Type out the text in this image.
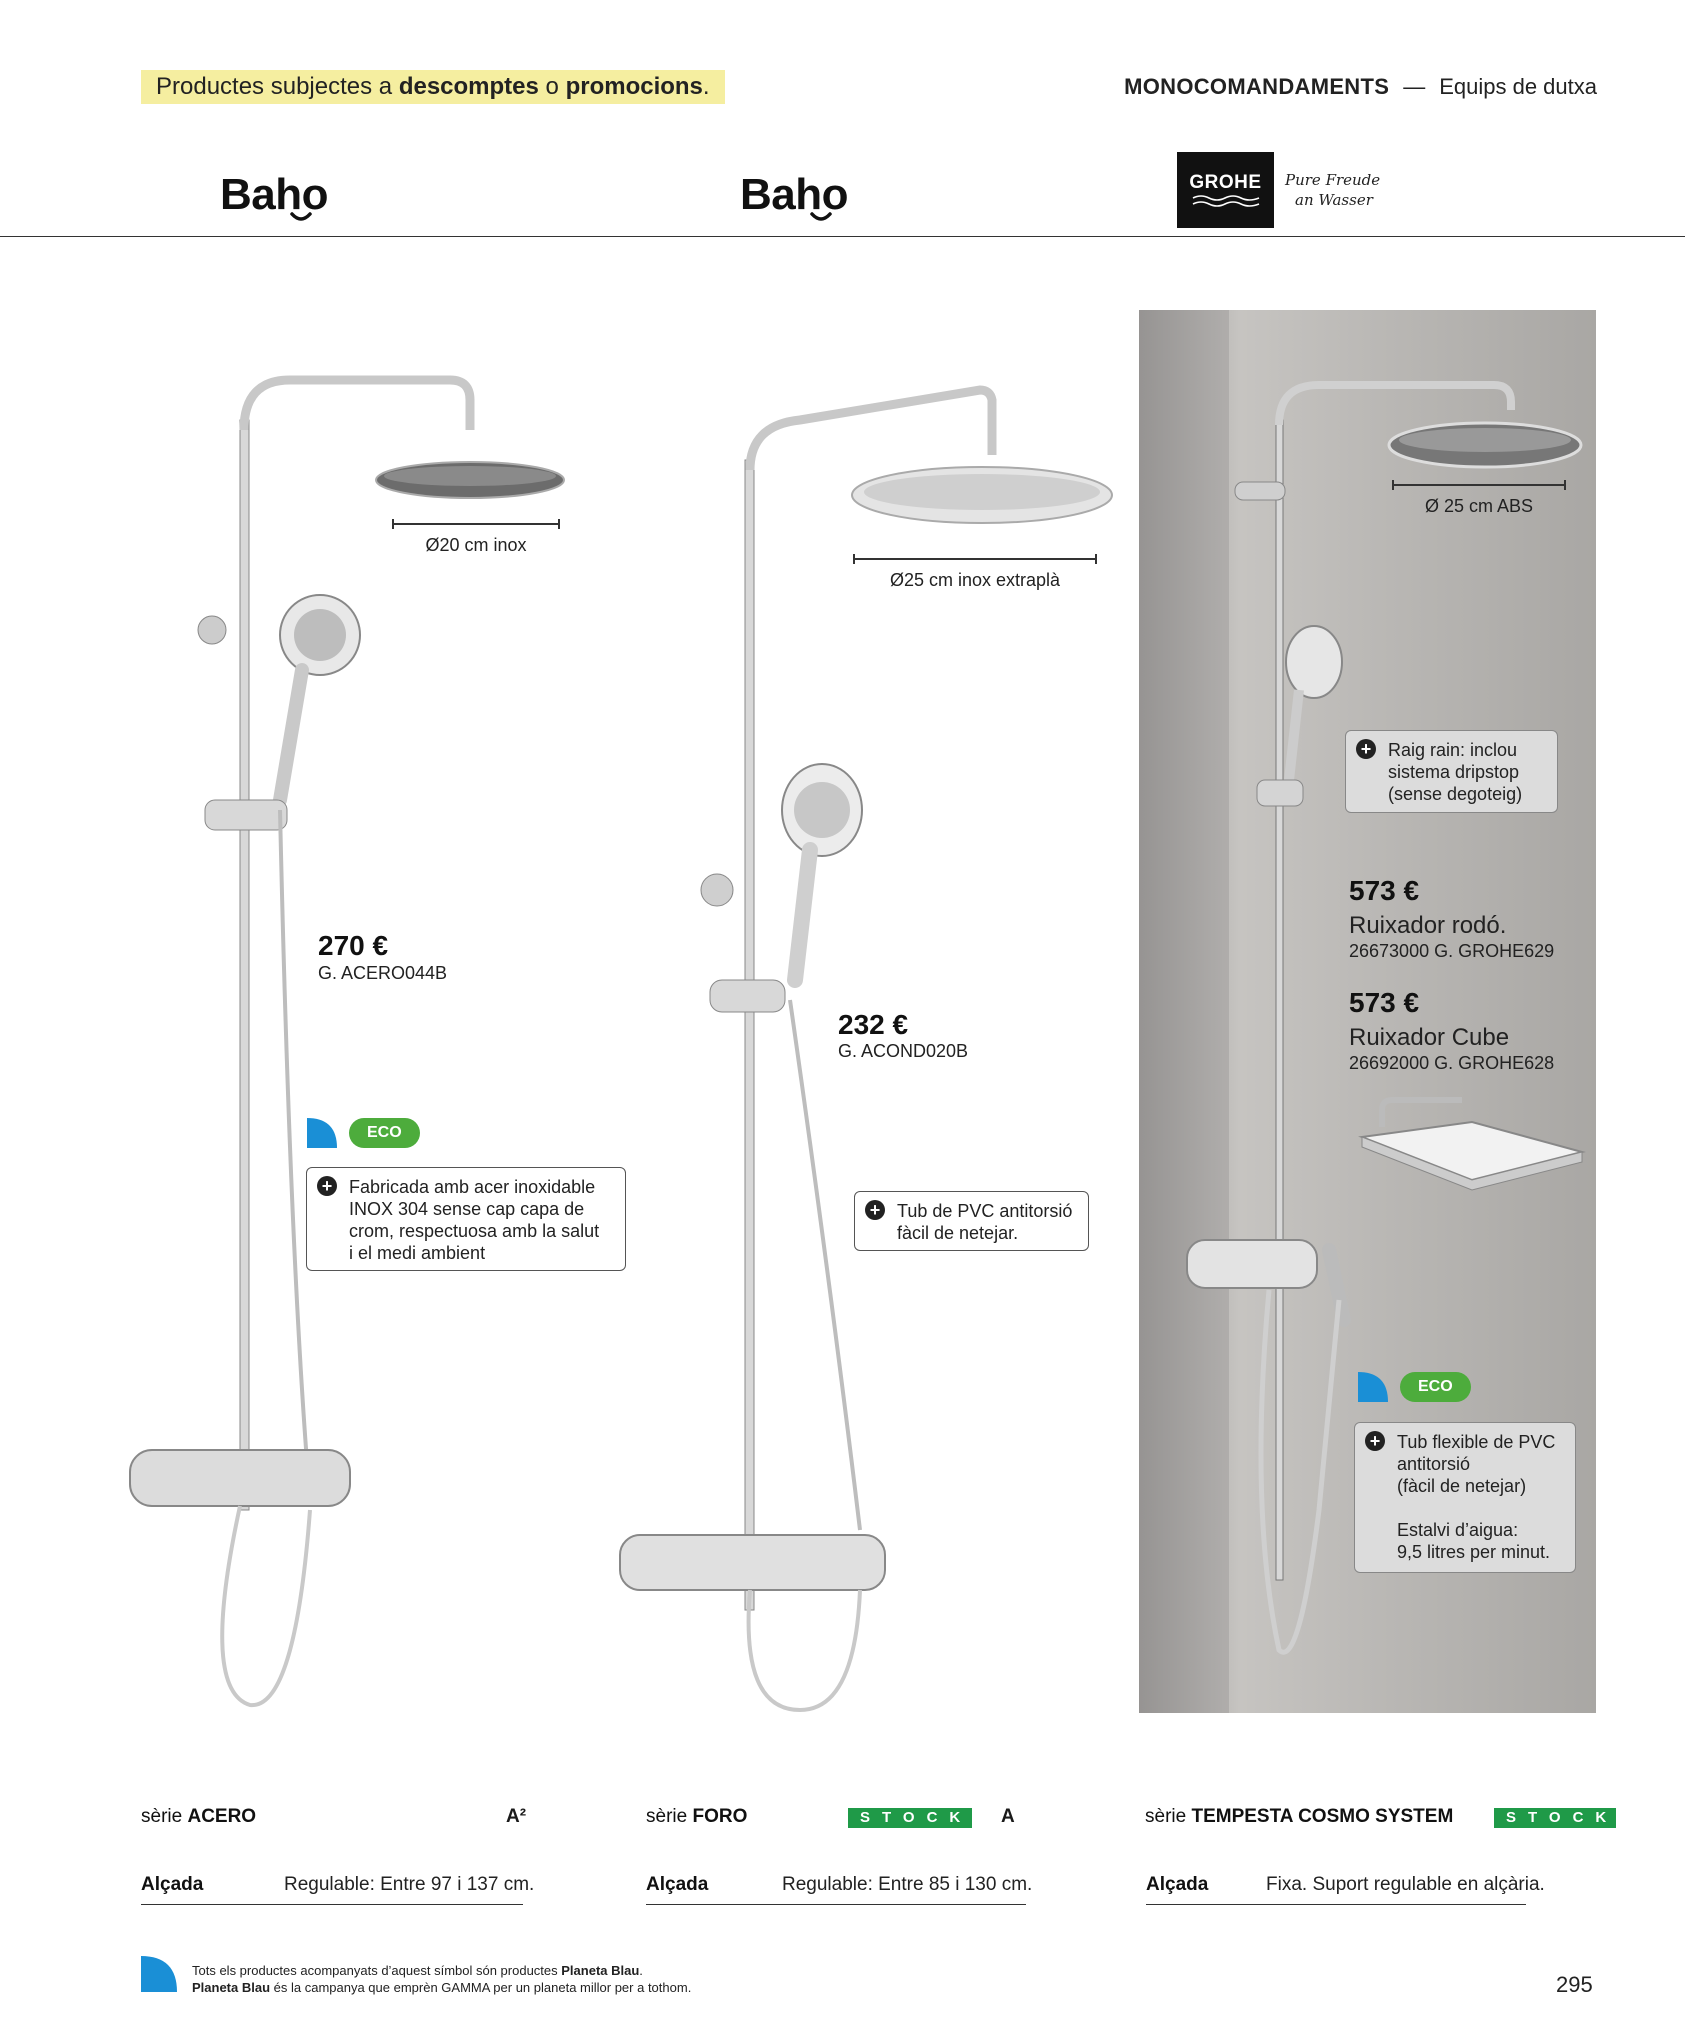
Productes subjectes a descomptes o promocions.	MONOCOMANDAMENTS — Equips de dutxa
Baho	Baho	GROHE Pure Freude
an Wasser
Ø20 cm inox
Ø25 cm inox extraplà
Ø 25 cm ABS
270 €
G. ACERO044B
ECO
+ Fabricada amb acer inoxidable
INOX 304 sense cap capa de
crom, respectuosa amb la salut
i el medi ambient
232 €
G. ACOND020B
+ Tub de PVC antitorsió
fàcil de netejar.
+ Raig rain: inclou
sistema dripstop
(sense degoteig)
573 €
Ruixador rodó.
26673000 G. GROHE629
573 €
Ruixador Cube
26692000 G. GROHE628
ECO
+ Tub flexible de PVC
antitorsió
(fàcil de netejar)
Estalvi d’aigua:
9,5 litres per minut.
sèrie ACERO	A²	sèrie FORO	STOCK A	sèrie TEMPESTA COSMO SYSTEM	STOCK
Alçada	Regulable: Entre 97 i 137 cm.	Alçada	Regulable: Entre 85 i 130 cm.	Alçada	Fixa. Suport regulable en alçària.
Tots els productes acompanyats d’aquest símbol són productes Planeta Blau.
Planeta Blau és la campanya que emprèn GAMMA per un planeta millor per a tothom.	295
